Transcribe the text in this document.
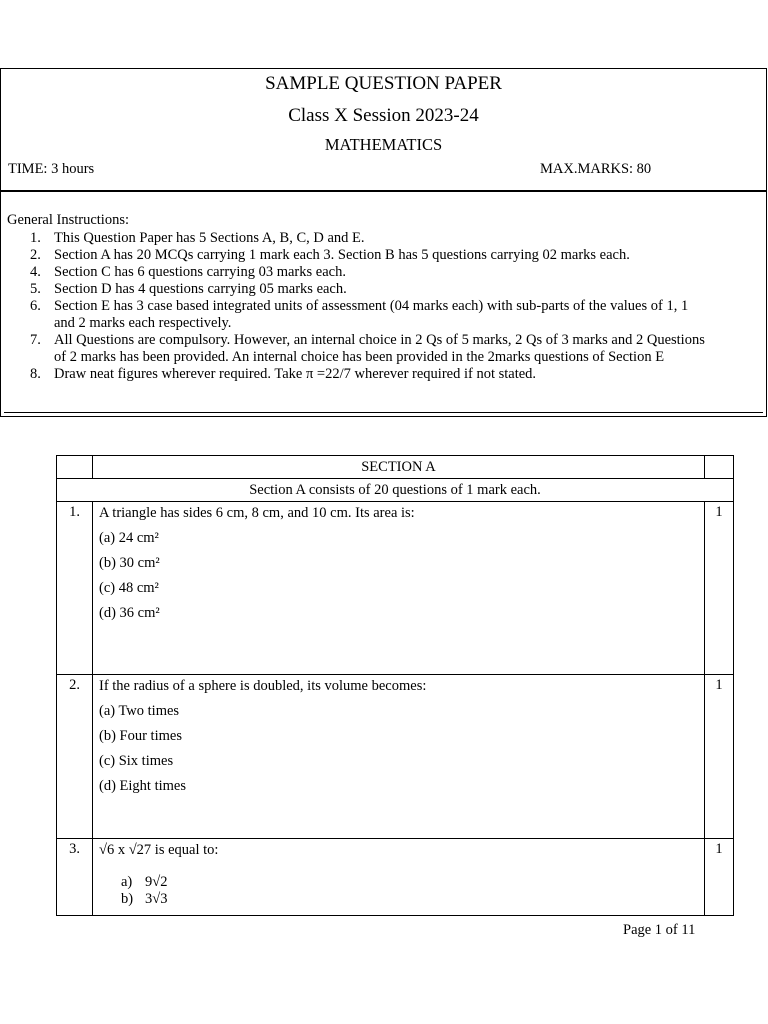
SAMPLE QUESTION PAPER
Class X Session 2023-24
MATHEMATICS
TIME: 3 hours	MAX.MARKS: 80
General Instructions:
1. This Question Paper has 5 Sections A, B, C, D and E.
2. Section A has 20 MCQs carrying 1 mark each 3. Section B has 5 questions carrying 02 marks each.
4. Section C has 6 questions carrying 03 marks each.
5. Section D has 4 questions carrying 05 marks each.
6. Section E has 3 case based integrated units of assessment (04 marks each) with sub-parts of the values of 1, 1 and 2 marks each respectively.
7. All Questions are compulsory. However, an internal choice in 2 Qs of 5 marks, 2 Qs of 3 marks and 2 Questions of 2 marks has been provided. An internal choice has been provided in the 2marks questions of Section E
8. Draw neat figures wherever required. Take π =22/7 wherever required if not stated.
	SECTION A	
Section A consists of 20 questions of 1 mark each.		
1.	A triangle has sides 6 cm, 8 cm, and 10 cm. Its area is:
(a) 24 cm²
(b) 30 cm²
(c) 48 cm²
(d) 36 cm²	1
2.	If the radius of a sphere is doubled, its volume becomes:
(a) Two times
(b) Four times
(c) Six times
(d) Eight times	1
3.	√6 x √27 is equal to:
a) 9√2
b) 3√3	1
Page 1 of 11
